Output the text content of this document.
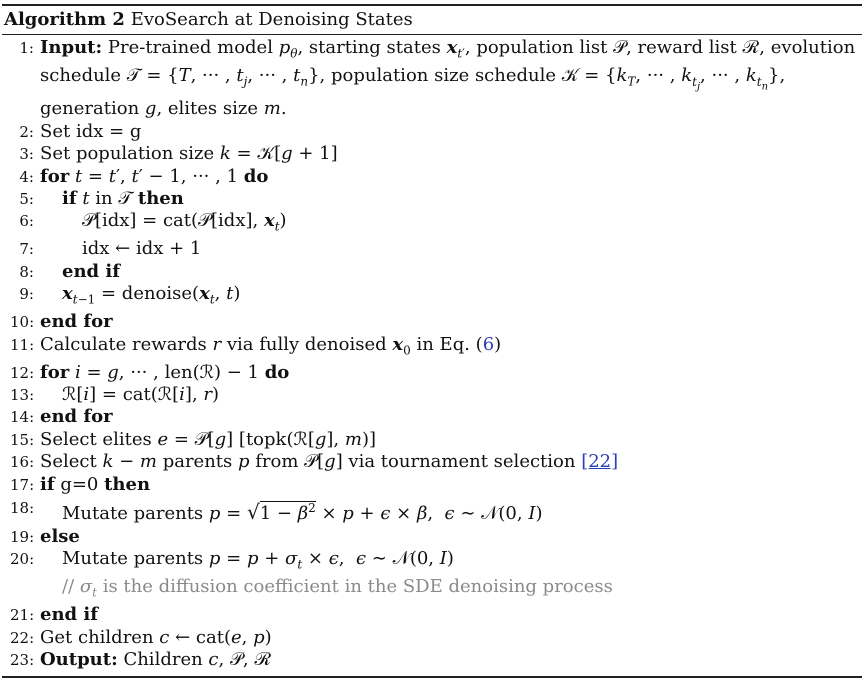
Algorithm 2 EvoSearch at Denoising States
1: Input: Pre-trained model $p_\theta$, starting states $x_{t'}$, population list 𝒫, reward list ℛ, evolution schedule 𝒯 = {T, ··· , $t_j$, ··· , $t_n$}, population size schedule 𝒦 = {$k_T$, ··· , $k_{t_j}$, ··· , $k_{t_n}$}, generation g, elites size m.
2: Set idx = g
3: Set population size k = 𝒦[g + 1]
4: for t = t′, t′ − 1, ··· , 1 do
5: if t in 𝒯 then
6:	𝒫[idx] = cat(𝒫[idx], $x_t$)
7:	idx ← idx + 1
8: end if
9: $x_{t-1}$ = $denoise(x_t$, t)
10: end for
11: Calculate rewards r via fully denoised $x_0$ in Eq. (6)
12: for i = g, ··· , len(ℛ) − 1 do
13: ℛ[i] = cat(ℛ[i], r)
14: end for
15: Select elites e = 𝒫[g] [topk(ℛ[g], m)]
16: Select k − m parents p from 𝒫[g] via tournament selection [22]
17: if g=0 then
18: Mutate parents $p = √1 - \beta^2 \times p + \epsilon \times \beta$,  ϵ ∼ 𝒩(0, I)
19: else
20: Mutate parents $p = p + \sigma_t \times \epsilon$,  ϵ ∼ 𝒩(0, I)
// $\sigma_t$ is the diffusion coefficient in the SDE denoising process
21: end if
22: Get children c ← cat(e, p)
23: Output: Children c, 𝒫, ℛ
